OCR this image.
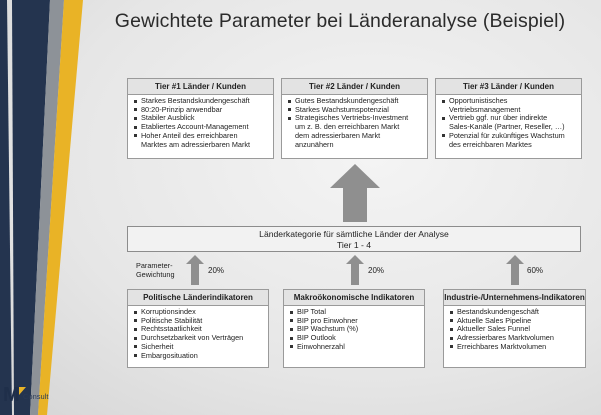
Gewichtete Parameter bei Länderanalyse (Beispiel)
Tier #1 Länder / Kunden
Starkes Bestandskundengeschäft
80:20-Prinzip anwendbar
Stabiler Ausblick
Etabliertes Account-Management
Hoher Anteil des erreichbaren
Marktes am adressierbaren Markt
Tier #2 Länder / Kunden
Gutes Bestandskundengeschäft
Starkes Wachstumspotenzial
Strategisches Vertriebs-Investment
um z. B. den erreichbaren Markt
dem adressierbaren Markt
anzunähern
Tier #3 Länder / Kunden
Opportunistisches
Vertriebsmanagement
Vertrieb ggf. nur über indirekte
Sales-Kanäle (Partner, Reseller, …)
Potenzial für zukünftiges Wachstum
des erreichbaren Marktes
Länderkategorie für sämtliche Länder der Analyse
Tier 1 - 4
Parameter-
Gewichtung	20%	20%	60%
Politische Länderindikatoren
Korruptionsindex
Politische Stabilität
Rechtsstaatlichkeit
Durchsetzbarkeit von Verträgen
Sicherheit
Embargosituation
Makroökonomische Indikatoren
BIP Total
BIP pro Einwohner
BIP Wachstum (%)
BIP Outlook
Einwohnerzahl
Industrie-/Unternehmens-Indikatoren
Bestandskundengeschäft
Aktuelle Sales Pipeline
Aktueller Sales Funnel
Adressierbares Marktvolumen
Erreichbares Marktvolumen
M Consult
